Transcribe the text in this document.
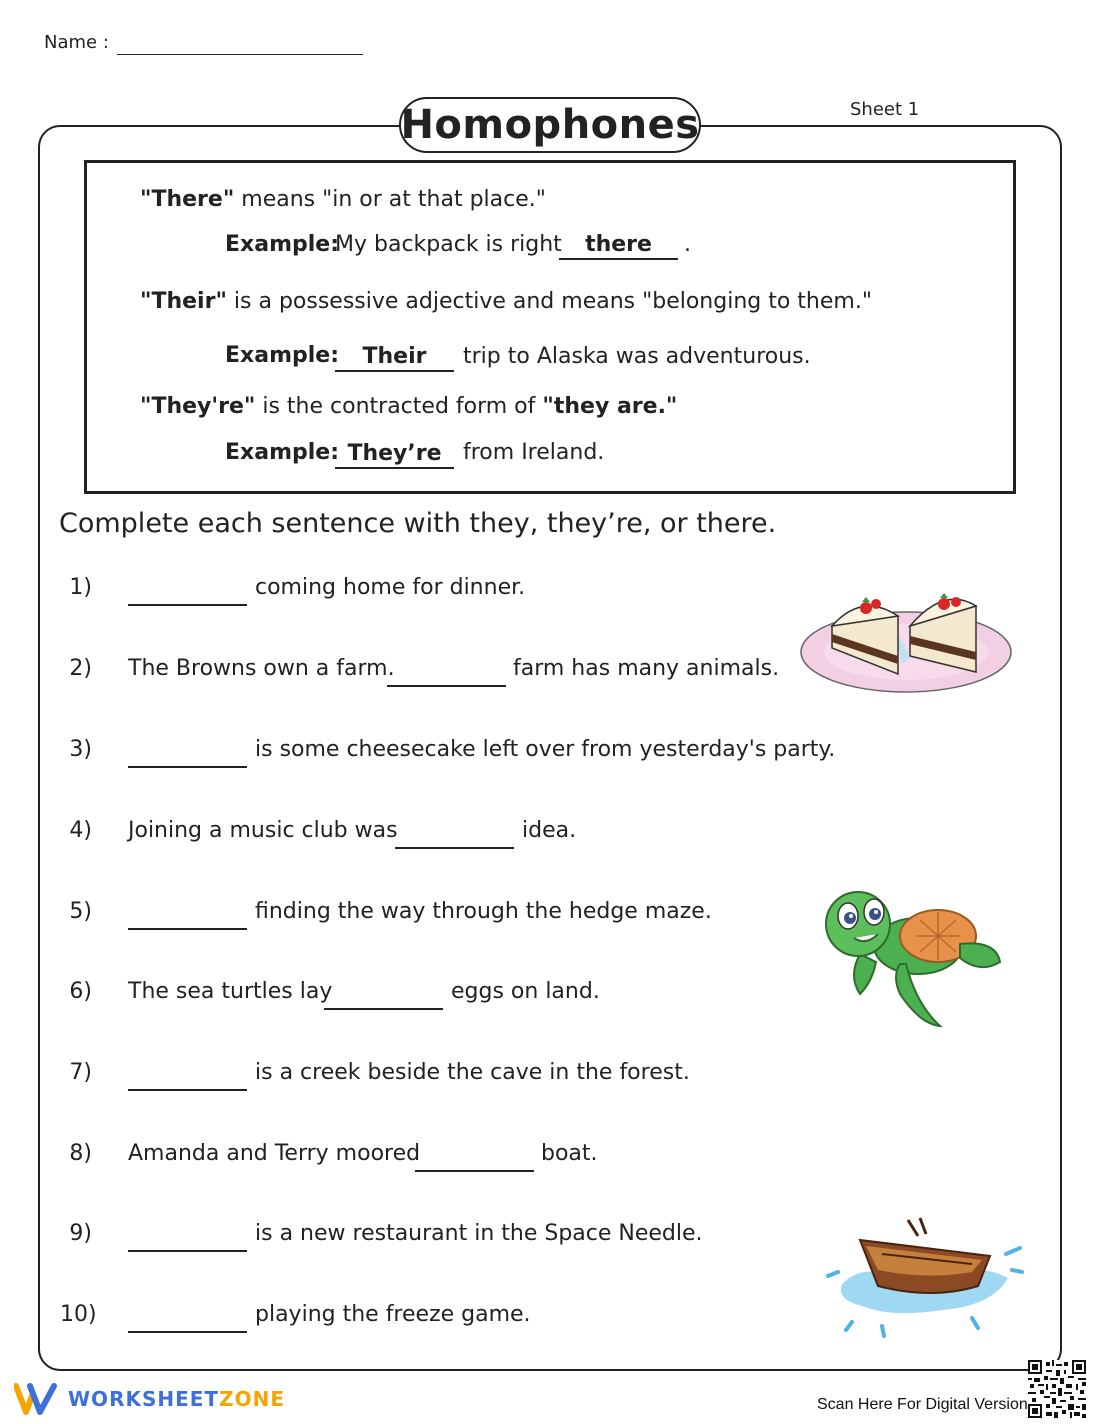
Name :
Sheet 1
Homophones
"There" means "in or at that place."
Example:
My backpack is right	there	.
"Their" is a possessive adjective and means "belonging to them."
Example:	Their	trip to Alaska was adventurous.
"They're" is the contracted form of "they are."
Example: They’re from Ireland.
Complete each sentence with they, they’re, or there.
1)	coming home for dinner.
2) The Browns own a farm.	farm has many animals.
3)	is some cheesecake left over from yesterday's party.
4) Joining a music club was	idea.
5)	finding the way through the hedge maze.
6) The sea turtles lay	eggs on land.
7)	is a creek beside the cave in the forest.
8) Amanda and Terry moored	boat.
9)	is a new restaurant in the Space Needle.
10)	playing the freeze game.
WORKSHEETZONE	Scan Here For Digital Version
